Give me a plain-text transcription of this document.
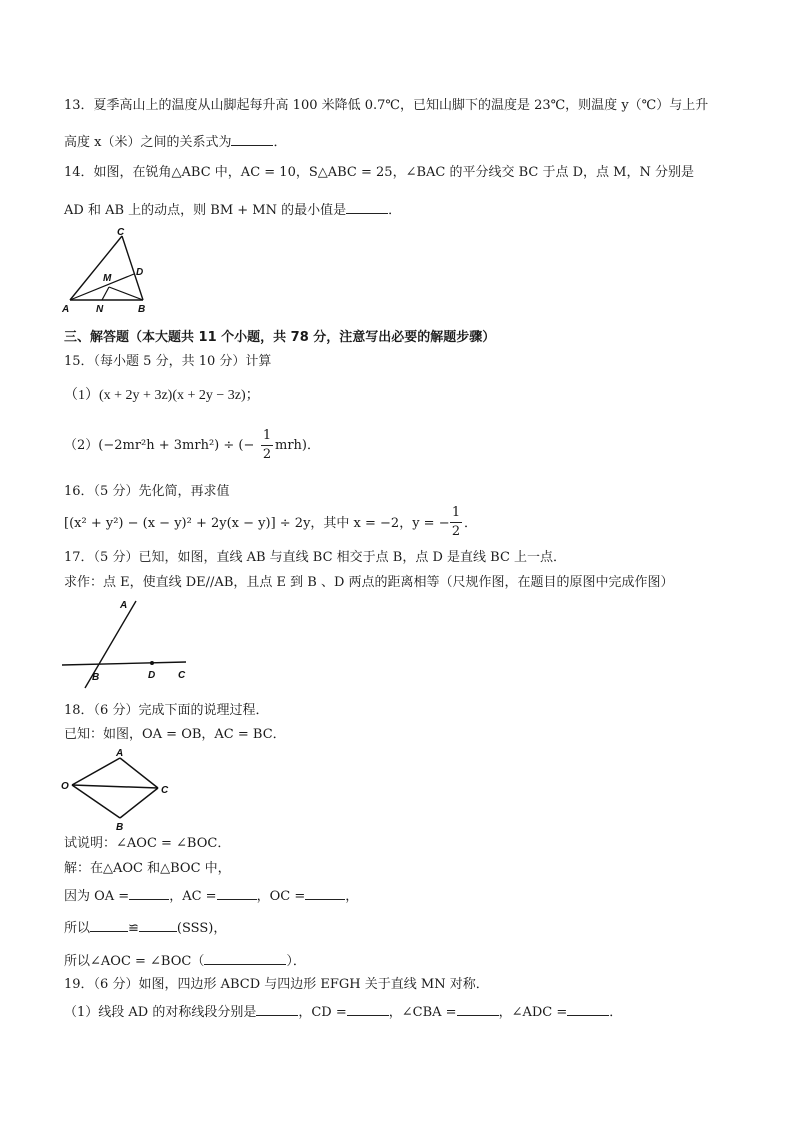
13．夏季高山上的温度从山脚起每升高 100 米降低 0.7℃，已知山脚下的温度是 23℃，则温度 y（℃）与上升
高度 x（米）之间的关系式为	．
14．如图，在锐角△ABC 中，AC = 10，S△ABC = 25，∠BAC 的平分线交 BC 于点 D，点 M，N 分别是
AD 和 AB 上的动点，则 BM + MN 的最小值是	．
C
D
M
A	N	B
三、解答题（本大题共 11 个小题，共 78 分，注意写出必要的解题步骤）
15．（每小题 5 分，共 10 分）计算
（1）(x + 2y + 3z)(x + 2y − 3z)；
（2）(−2mr²h + 3mrh²) ÷ (−
1
2
mrh)．
16．（5 分）先化简，再求值
[(x² + y²) − (x − y)² + 2y(x − y)] ÷ 2y，其中 x = −2，y = −
1
2
．
17．（5 分）已知，如图，直线 AB 与直线 BC 相交于点 B，点 D 是直线 BC 上一点．
求作：点 E，使直线 DE//AB，且点 E 到 B 、D 两点的距离相等（尺规作图，在题目的原图中完成作图）
A
B	D C
18．（6 分）完成下面的说理过程．
已知：如图，OA = OB，AC = BC．
A
O	C
B
试说明：∠AOC = ∠BOC．
解：在△AOC 和△BOC 中，
因为 OA =	，AC =	，OC =	，
所以	≌	(SSS)，
所以∠AOC = ∠BOC（	）．
19．（6 分）如图，四边形 ABCD 与四边形 EFGH 关于直线 MN 对称．
（1）线段 AD 的对称线段分别是	，CD =	，∠CBA =	，∠ADC =	．
